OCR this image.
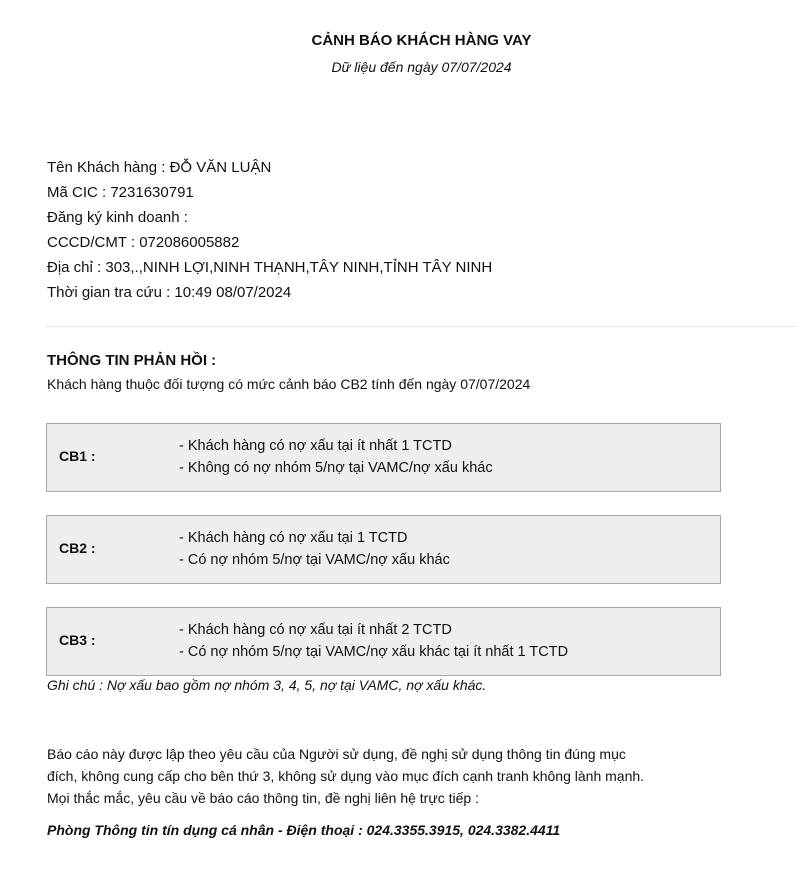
CẢNH BÁO KHÁCH HÀNG VAY
Dữ liệu đến ngày 07/07/2024
Tên Khách hàng : ĐỖ VĂN LUẬN
Mã CIC : 7231630791
Đăng ký kinh doanh :
CCCD/CMT : 072086005882
Địa chỉ : 303,.,NINH LỢI,NINH THẠNH,TÂY NINH,TỈNH TÂY NINH
Thời gian tra cứu : 10:49 08/07/2024
THÔNG TIN PHẢN HỒI :
Khách hàng thuộc đối tượng có mức cảnh báo CB2 tính đến ngày 07/07/2024
CB1 :
- Khách hàng có nợ xấu tại ít nhất 1 TCTD
- Không có nợ nhóm 5/nợ tại VAMC/nợ xấu khác
CB2 :
- Khách hàng có nợ xấu tại 1 TCTD
- Có nợ nhóm 5/nợ tại VAMC/nợ xấu khác
CB3 :
- Khách hàng có nợ xấu tại ít nhất 2 TCTD
- Có nợ nhóm 5/nợ tại VAMC/nợ xấu khác tại ít nhất 1 TCTD
Ghi chú : Nợ xấu bao gồm nợ nhóm 3, 4, 5, nợ tại VAMC, nợ xấu khác.
Báo cáo này được lập theo yêu cầu của Người sử dụng, đề nghị sử dụng thông tin đúng mục
đích, không cung cấp cho bên thứ 3, không sử dụng vào mục đích cạnh tranh không lành mạnh.
Mọi thắc mắc, yêu cầu về báo cáo thông tin, đề nghị liên hệ trực tiếp :
Phòng Thông tin tín dụng cá nhân - Điện thoại : 024.3355.3915, 024.3382.4411
